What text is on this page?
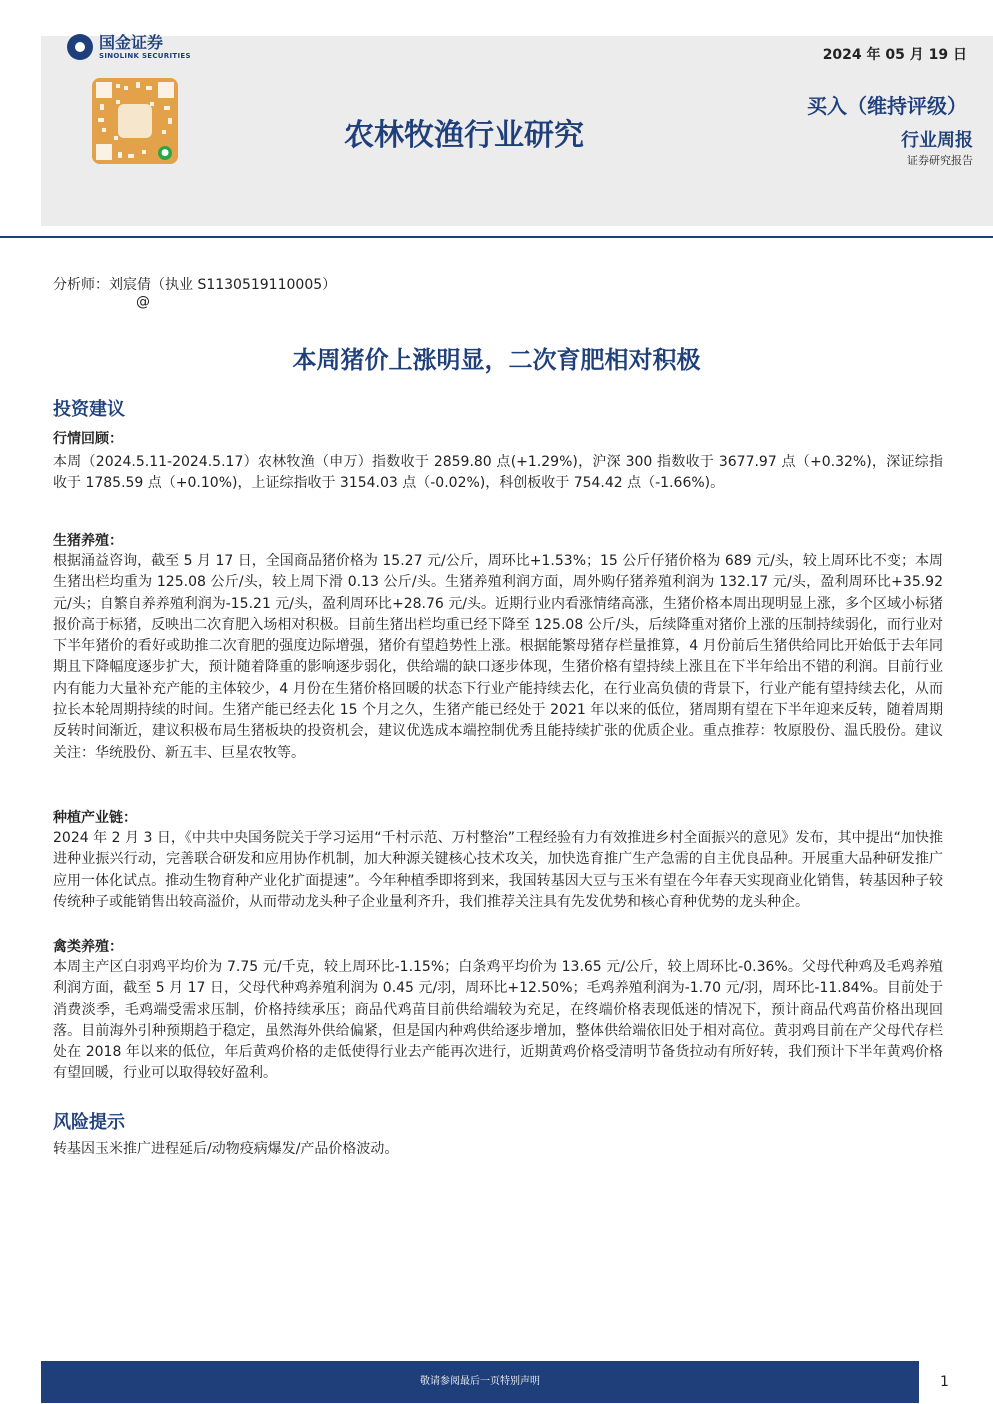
国金证券
SINOLINK SECURITIES
●	农林牧渔行业研究
2024 年 05 月 19 日
买入（维持评级）
行业周报
证券研究报告
分析师：刘宸倩（执业 S1130519110005）
@
本周猪价上涨明显，二次育肥相对积极
投资建议
行情回顾：

本周（2024.5.11-2024.5.17）农林牧渔（申万）指数收于 2859.80 点(+1.29%)，沪深 300 指数收于 3677.97 点（+0.32%)，深证综指收于 1785.59 点（+0.10%)，上证综指收于 3154.03 点（-0.02%)，科创板收于 754.42 点（-1.66%)。

生猪养殖：

根据涌益咨询，截至 5 月 17 日，全国商品猪价格为 15.27 元/公斤，周环比+1.53%；15 公斤仔猪价格为 689 元/头，较上周环比不变；本周生猪出栏均重为 125.08 公斤/头，较上周下滑 0.13 公斤/头。生猪养殖利润方面，周外购仔猪养殖利润为 132.17 元/头，盈利周环比+35.92 元/头；自繁自养养殖利润为-15.21 元/头，盈利周环比+28.76 元/头。近期行业内看涨情绪高涨，生猪价格本周出现明显上涨，多个区域小标猪报价高于标猪，反映出二次育肥入场相对积极。目前生猪出栏均重已经下降至 125.08 公斤/头，后续降重对猪价上涨的压制持续弱化，而行业对下半年猪价的看好或助推二次育肥的强度边际增强，猪价有望趋势性上涨。根据能繁母猪存栏量推算，4 月份前后生猪供给同比开始低于去年同期且下降幅度逐步扩大，预计随着降重的影响逐步弱化，供给端的缺口逐步体现，生猪价格有望持续上涨且在下半年给出不错的利润。目前行业内有能力大量补充产能的主体较少，4 月份在生猪价格回暖的状态下行业产能持续去化，在行业高负债的背景下，行业产能有望持续去化，从而拉长本轮周期持续的时间。生猪产能已经去化 15 个月之久，生猪产能已经处于 2021 年以来的低位，猪周期有望在下半年迎来反转，随着周期反转时间渐近，建议积极布局生猪板块的投资机会，建议优选成本端控制优秀且能持续扩张的优质企业。重点推荐：牧原股份、温氏股份。建议关注：华统股份、新五丰、巨星农牧等。

种植产业链：

2024 年 2 月 3 日，《中共中央国务院关于学习运用“千村示范、万村整治”工程经验有力有效推进乡村全面振兴的意见》发布，其中提出“加快推进种业振兴行动，完善联合研发和应用协作机制，加大种源关键核心技术攻关，加快选育推广生产急需的自主优良品种。开展重大品种研发推广应用一体化试点。推动生物育种产业化扩面提速”。今年种植季即将到来，我国转基因大豆与玉米有望在今年春天实现商业化销售，转基因种子较传统种子或能销售出较高溢价，从而带动龙头种子企业量利齐升，我们推荐关注具有先发优势和核心育种优势的龙头种企。

禽类养殖：

本周主产区白羽鸡平均价为 7.75 元/千克，较上周环比-1.15%；白条鸡平均价为 13.65 元/公斤，较上周环比-0.36%。父母代种鸡及毛鸡养殖利润方面，截至 5 月 17 日，父母代种鸡养殖利润为 0.45 元/羽，周环比+12.50%；毛鸡养殖利润为-1.70 元/羽，周环比-11.84%。目前处于消费淡季，毛鸡端受需求压制，价格持续承压；商品代鸡苗目前供给端较为充足，在终端价格表现低迷的情况下，预计商品代鸡苗价格出现回落。目前海外引种预期趋于稳定，虽然海外供给偏紧，但是国内种鸡供给逐步增加，整体供给端依旧处于相对高位。黄羽鸡目前在产父母代存栏处在 2018 年以来的低位，年后黄鸡价格的走低使得行业去产能再次进行，近期黄鸡价格受清明节备货拉动有所好转，我们预计下半年黄鸡价格有望回暖，行业可以取得较好盈利。

风险提示

转基因玉米推广进程延后/动物疫病爆发/产品价格波动。

敬请参阅最后一页特别声明	1
